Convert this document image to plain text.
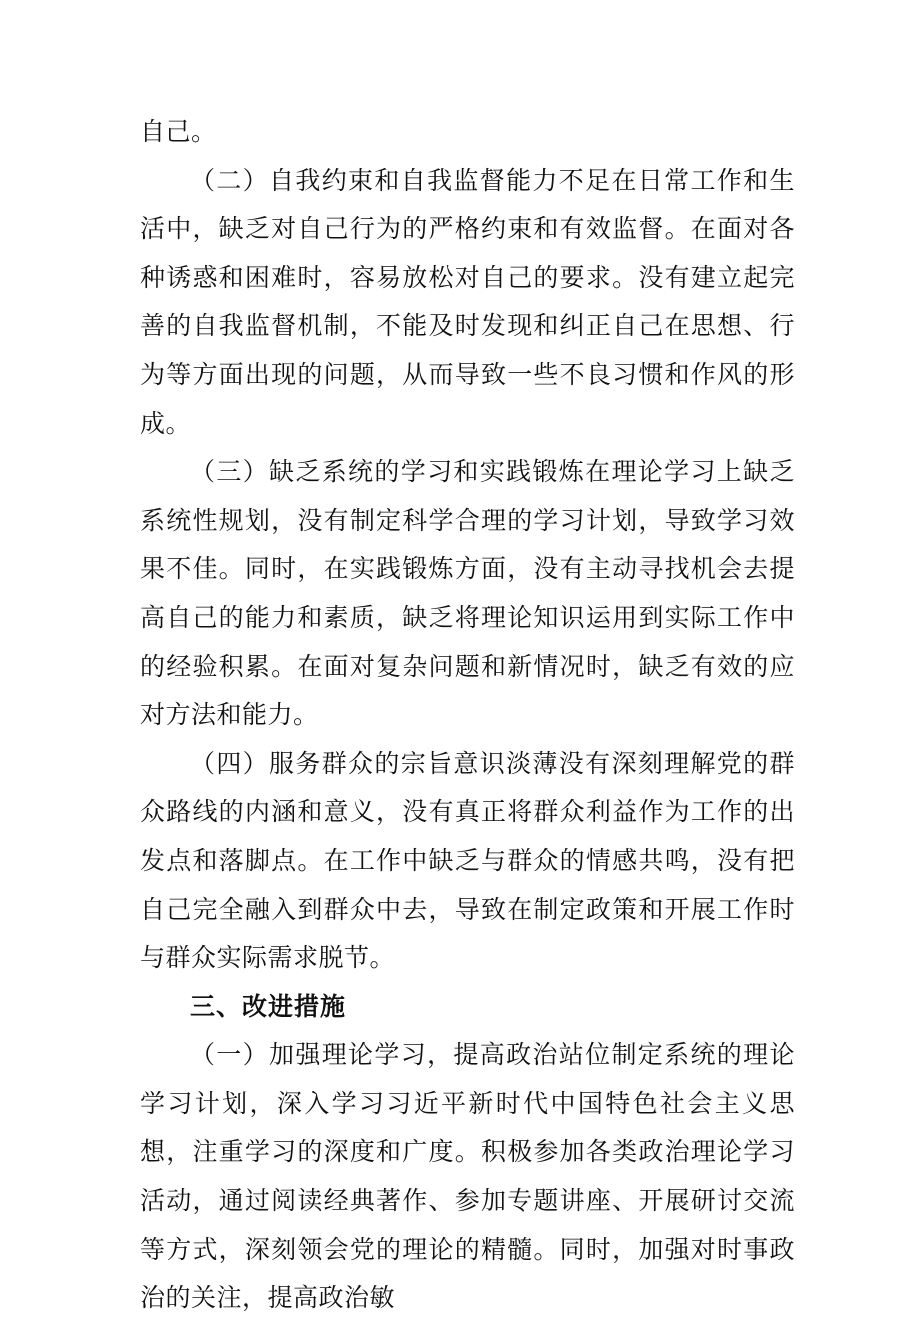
自己。

（二）自我约束和自我监督能力不足在日常工作和生活中，缺乏对自己行为的严格约束和有效监督。在面对各种诱惑和困难时，容易放松对自己的要求。没有建立起完善的自我监督机制，不能及时发现和纠正自己在思想、行为等方面出现的问题，从而导致一些不良习惯和作风的形成。

（三）缺乏系统的学习和实践锻炼在理论学习上缺乏系统性规划，没有制定科学合理的学习计划，导致学习效果不佳。同时，在实践锻炼方面，没有主动寻找机会去提高自己的能力和素质，缺乏将理论知识运用到实际工作中的经验积累。在面对复杂问题和新情况时，缺乏有效的应对方法和能力。

（四）服务群众的宗旨意识淡薄没有深刻理解党的群众路线的内涵和意义，没有真正将群众利益作为工作的出发点和落脚点。在工作中缺乏与群众的情感共鸣，没有把自己完全融入到群众中去，导致在制定政策和开展工作时与群众实际需求脱节。

三、改进措施

（一）加强理论学习，提高政治站位制定系统的理论学习计划，深入学习习近平新时代中国特色社会主义思想，注重学习的深度和广度。积极参加各类政治理论学习活动，通过阅读经典著作、参加专题讲座、开展研讨交流等方式，深刻领会党的理论的精髓。同时，加强对时事政治的关注，提高政治敏
